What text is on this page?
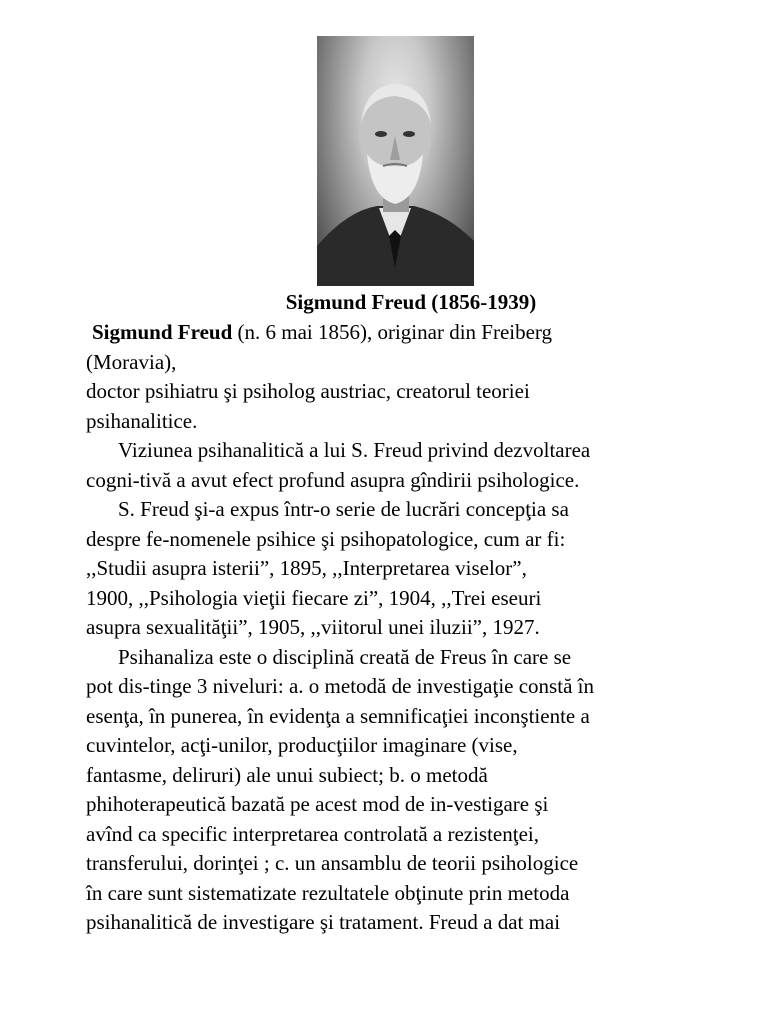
Sigmund Freud (1856-1939)
Sigmund Freud (n. 6 mai 1856), originar din Freiberg
(Moravia),
doctor psihiatru şi psiholog austriac, creatorul teoriei
psihanalitice.
Viziunea psihanalitică a lui S. Freud privind dezvoltarea
cogni-tivă a avut efect profund asupra gîndirii psihologice.
S. Freud şi-a expus într-o serie de lucrări concepţia sa
despre fe-nomenele psihice şi psihopatologice, cum ar fi:
,,Studii asupra isterii”, 1895, ,,Interpretarea viselor”,
1900, ,,Psihologia vieţii fiecare zi”, 1904, ,,Trei eseuri
asupra sexualităţii”, 1905, ,,viitorul unei iluzii”, 1927.
Psihanaliza este o disciplină creată de Freus în care se
pot dis-tinge 3 niveluri: a. o metodă de investigaţie constă în
esenţa, în punerea, în evidenţa a semnificaţiei inconştiente a
cuvintelor, acţi-unilor, producţiilor imaginare (vise,
fantasme, deliruri) ale unui subiect; b. o metodă
phihoterapeutică bazată pe acest mod de in-vestigare şi
avînd ca specific interpretarea controlată a rezistenţei,
transferului, dorinţei ; c. un ansamblu de teorii psihologice
în care sunt sistematizate rezultatele obţinute prin metoda
psihanalitică de investigare şi tratament. Freud a dat mai
